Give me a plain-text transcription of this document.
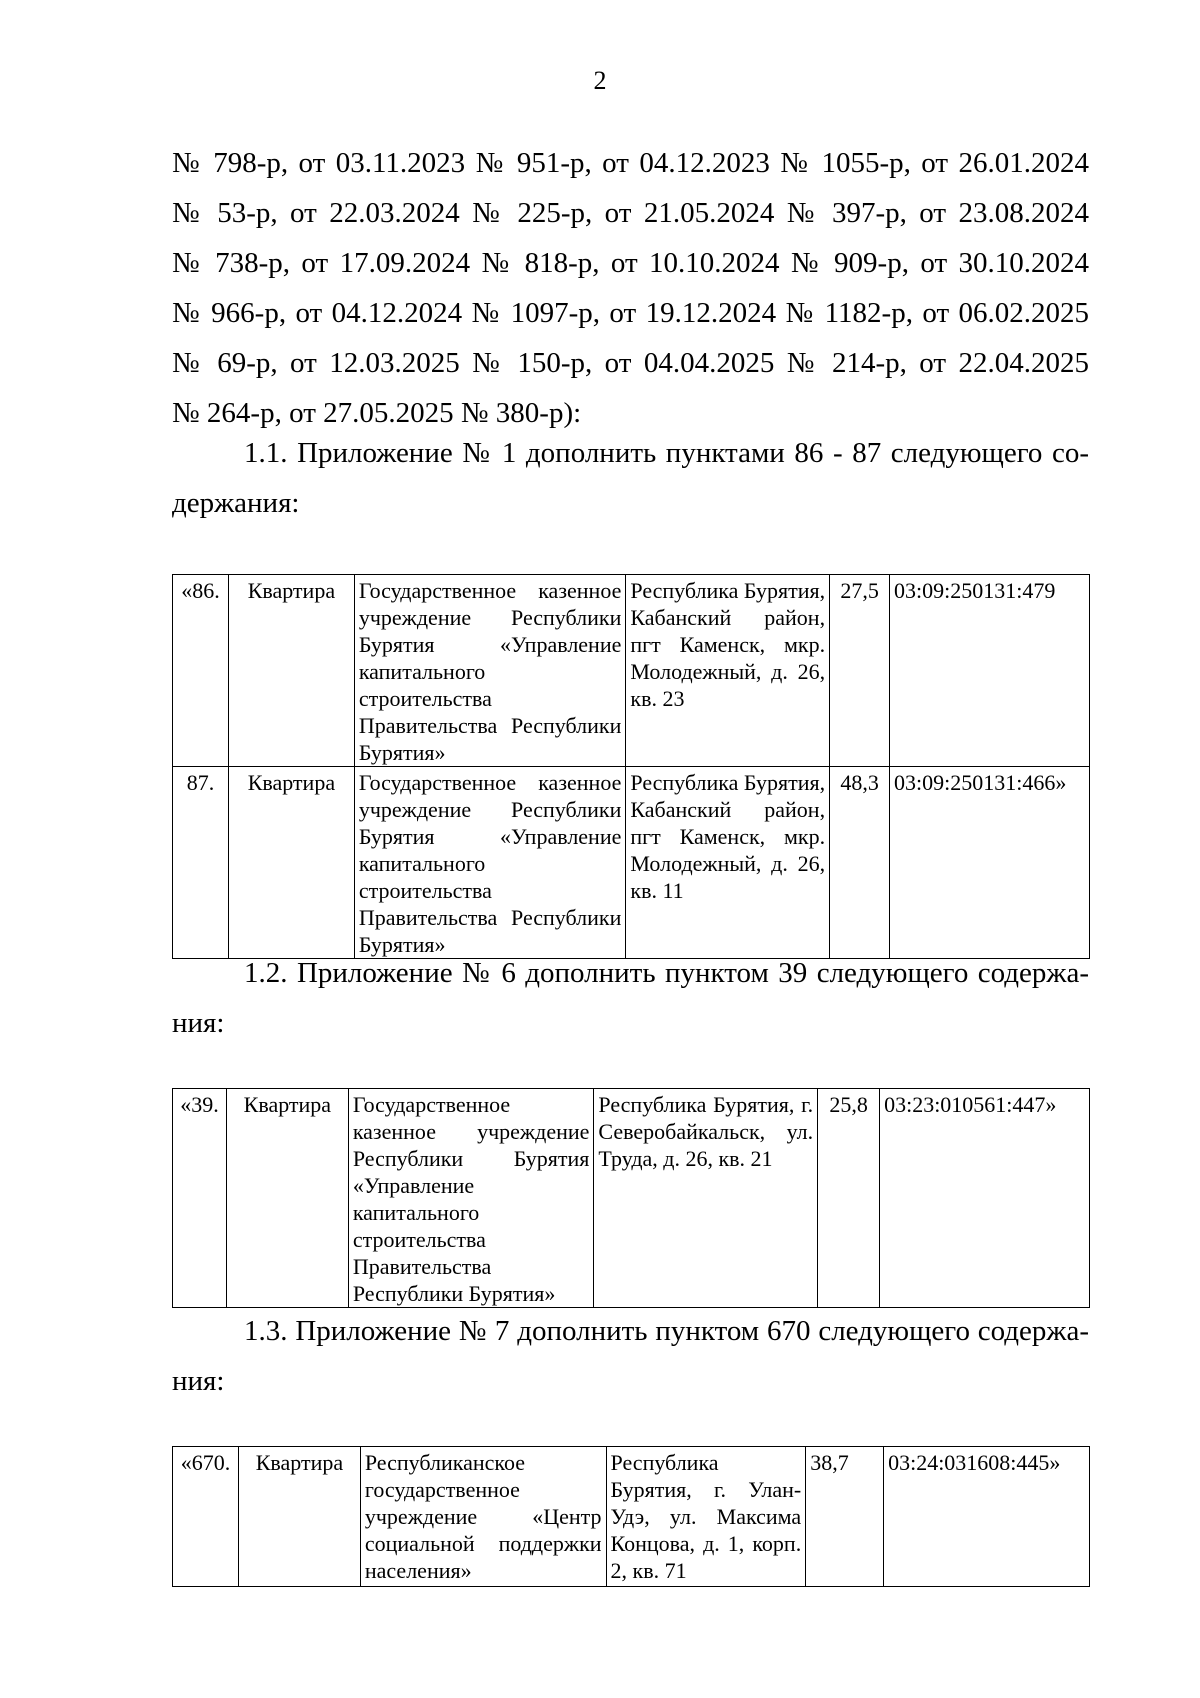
2
№ 798-р, от 03.11.2023 № 951-р, от 04.12.2023 № 1055-р, от 26.01.2024
№ 53-р, от 22.03.2024 № 225-р, от 21.05.2024 № 397-р, от 23.08.2024
№ 738-р, от 17.09.2024 № 818-р, от 10.10.2024 № 909-р, от 30.10.2024
№ 966-р, от 04.12.2024 № 1097-р, от 19.12.2024 № 1182-р, от 06.02.2025
№ 69-р, от 12.03.2025 № 150-р, от 04.04.2025 № 214-р, от 22.04.2025
№ 264-р, от 27.05.2025 № 380-р):
1.1. Приложение № 1 дополнить пунктами 86 - 87 следующего со-
держания:
«86.	Квартира	Государственное казенное учреждение Республики Бурятия «Управление капитального строительства Правительства Республики Бурятия»	Республика Бурятия, Кабанский район, пгт Каменск, мкр. Молодежный, д. 26, кв. 23	27,5	03:09:250131:479
87.	Квартира	Государственное казенное учреждение Республики Бурятия «Управление капитального строительства Правительства Республики Бурятия»	Республика Бурятия, Кабанский район, пгт Каменск, мкр. Молодежный, д. 26, кв. 11	48,3	03:09:250131:466»
1.2. Приложение № 6 дополнить пунктом 39 следующего содержа-
ния:
«39.	Квартира	Государственное казенное учреждение Республики Бурятия «Управление капитального строительства Правительства Республики Бурятия»	Республика Бурятия, г. Северобайкальск, ул. Труда, д. 26, кв. 21	25,8	03:23:010561:447»
1.3. Приложение № 7 дополнить пунктом 670 следующего содержа-
ния:
«670.	Квартира	Республиканское государственное учреждение «Центр социальной поддержки населения»	Республика Бурятия, г. Улан-Удэ, ул. Максима Концова, д. 1, корп. 2, кв. 71	38,7	03:24:031608:445»
